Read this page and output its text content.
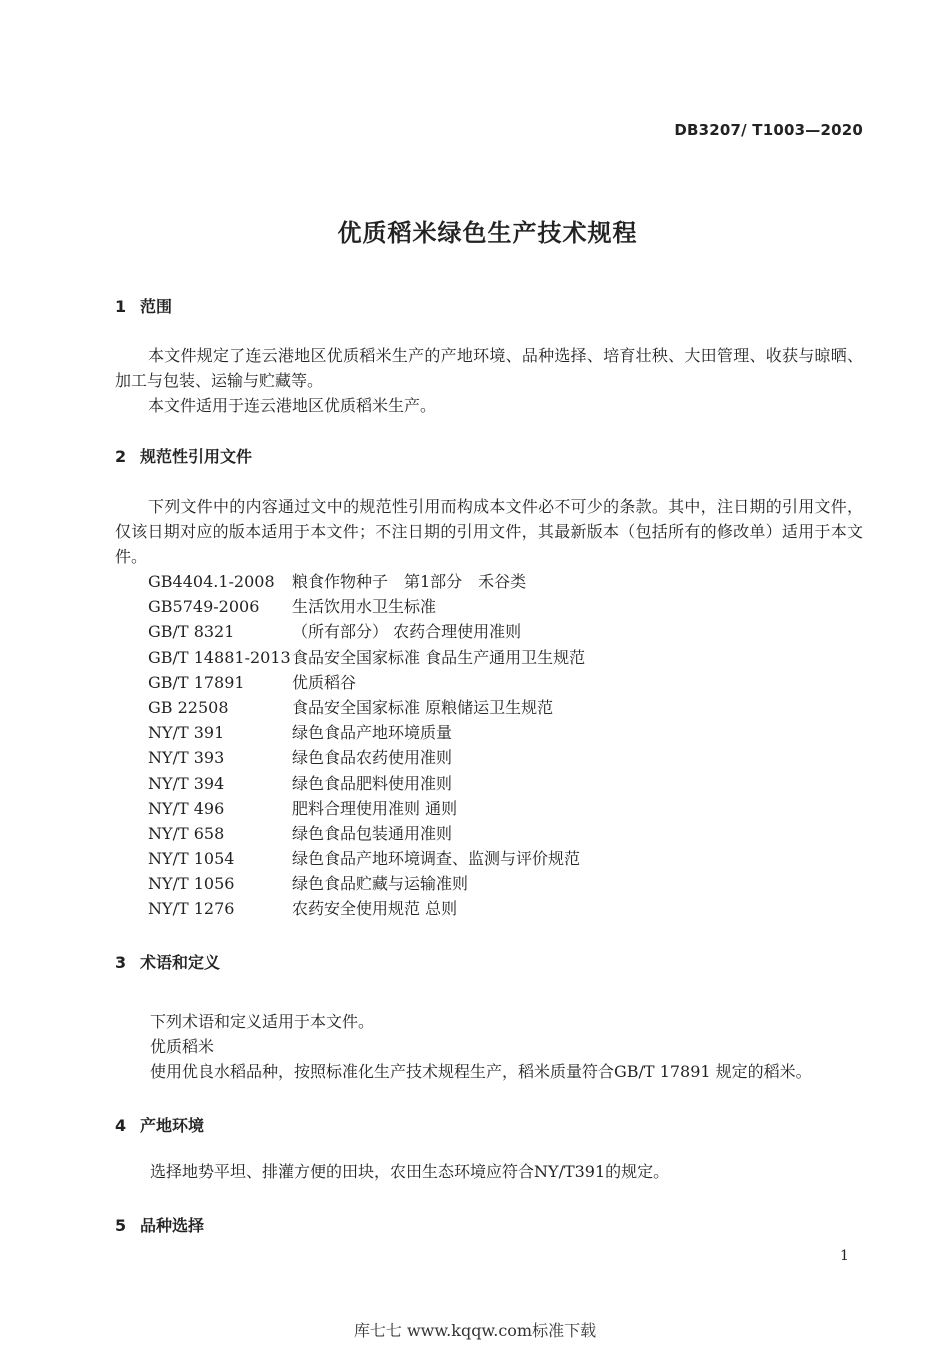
DB3207/ T1003—2020
优质稻米绿色生产技术规程
1 范围
本文件规定了连云港地区优质稻米生产的产地环境、品种选择、培育壮秧、大田管理、收获与晾晒、加工与包装、运输与贮藏等。
本文件适用于连云港地区优质稻米生产。
2 规范性引用文件
下列文件中的内容通过文中的规范性引用而构成本文件必不可少的条款。其中，注日期的引用文件，仅该日期对应的版本适用于本文件；不注日期的引用文件，其最新版本（包括所有的修改单）适用于本文件。
GB4404.1-2008 粮食作物种子　第1部分　禾谷类
GB5749-2006 生活饮用水卫生标准
GB/T 8321	（所有部分） 农药合理使用准则
GB/T 14881-2013食品安全国家标准 食品生产通用卫生规范
GB/T 17891	优质稻谷
GB 22508	食品安全国家标准 原粮储运卫生规范
NY/T 391	绿色食品产地环境质量
NY/T 393	绿色食品农药使用准则
NY/T 394	绿色食品肥料使用准则
NY/T 496	肥料合理使用准则 通则
NY/T 658	绿色食品包装通用准则
NY/T 1054	绿色食品产地环境调查、监测与评价规范
NY/T 1056	绿色食品贮藏与运输准则
NY/T 1276	农药安全使用规范 总则
3 术语和定义
下列术语和定义适用于本文件。
优质稻米
使用优良水稻品种，按照标准化生产技术规程生产，稻米质量符合GB/T 17891 规定的稻米。
4 产地环境
选择地势平坦、排灌方便的田块，农田生态环境应符合NY/T391的规定。
5 品种选择
1
库七七 www.kqqw.com标准下载
